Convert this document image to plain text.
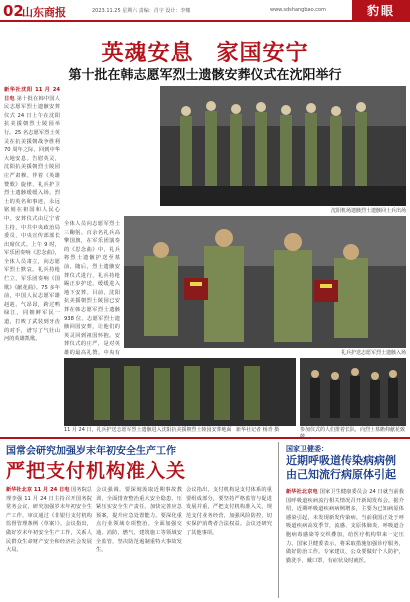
02
山东商报	2023.11.25 星期六 责编：肖宇 设计：李娜	www.sdshangbao.com	豹眼
英魂安息　家国安宁
第十批在韩志愿军烈士遗骸安葬仪式在沈阳举行
新华社沈阳 11 月 24 日电 第十批在韩中国人民志愿军烈士遗骸安葬仪式 24 日上午在沈阳抗美援朝烈士陵园举行。25 名志愿军烈士英灵在抗美援朝战争胜利 70 周年之际，回到中华大地安息。告慰英灵，沈阳抗美援朝烈士陵园庄严肃穆。伴着《英雄赞歌》旋律，礼兵护卫烈士遗骸缓缓入场。烈士的英名和事迹，永远铭刻在祖国和人民心中。安葬仪式由辽宁省主持，中共中央政治局委员、中央宣传部部长出席仪式。上午 9 时，军乐团奏响《思念曲》，全体人员肃立，向志愿军烈士默哀。礼兵持枪伫立，军乐团奏响《国歌》《献花曲》。75 多年前，中国人民志愿军雄赳赳、气昂昂，跨过鸭绿江，同朝鲜军民一道，打败了武装到牙齿的对手，谱写了气壮山河的英雄凯歌。
全体人员向志愿军烈士三鞠躬。百余名礼兵高擎国旗，在军乐团演奏的《思念曲》中，礼兵将烈士遗骸护送至墓前，随后，烈士遗骸安葬仪式进行，礼兵持枪踢正步护送，缓缓进入地下安葬。目前，沈阳抗美援朝烈士陵园已安葬在韩志愿军烈士遗骸 938 位。志愿军烈士遗骸回国安葬，让他们的英灵回到祖国怀抱。安葬仪式的庄严，是对英雄的最高礼赞。中央有
沈阳机场遗骸烈士遗骸回士兵出场
礼兵护送志愿军烈士遗骸入场
11 月 24 日，礼兵护送志愿军烈士遗骸进入沈阳抗美援朝烈士陵园安葬地面 新华社记者 杨青 摄	参加仪式的人们排着长队，向烈士墓瞻仰献花致
国常会研究加强岁末年初安全生产工作
严把支付机构准入关
新华社北京 11 月 24 日电 国务院总理李强 11 月 24 日主持召开国务院常务会议，研究加强岁末年初安全生产工作，审议通过《非银行支付机构监督管理条例（草案）》。会议指出，做好岁末年初安全生产工作，关系人民群众生命财产安全和经济社会发展大局。
会议强调，要深刻汲取近期事故教训，全面排查整治重大安全隐患，压紧压实安全生产责任。加快完善应急预案，提升应急处置能力。要深化重点行业领域专项整治，全面加强交通、消防、燃气、建筑施工等领域安全监管，坚决防范遏制重特大事故发生。
会议指出，支付机构是支付体系的重要组成部分，要坚持严格监管与促进发展并重，严把支付机构准入关，规范支付业务经营，加强风险防控，切实保护消费者合法权益。会议还研究了其他事项。
国家卫健委：
近期呼吸道传染病病例由己知流行病原体引起
新华社北京电 国家卫生健康委员会 24 日就当前我国呼吸道疾病流行相关情况召开新闻发布会。据介绍，近期呼吸道疾病病例增多，主要为已知病原体感染引起，未发现新发传染病。当前我国正处于呼吸道疾病高发季节，流感、支原体肺炎、呼吸道合胞病毒感染等交织叠加，给医疗机构带来一定压力。国家卫健委表示，将采取措施加强诊疗服务，做好防治工作。专家建议，公众要做好个人防护，勤洗手、戴口罩，有症状及时就医。
